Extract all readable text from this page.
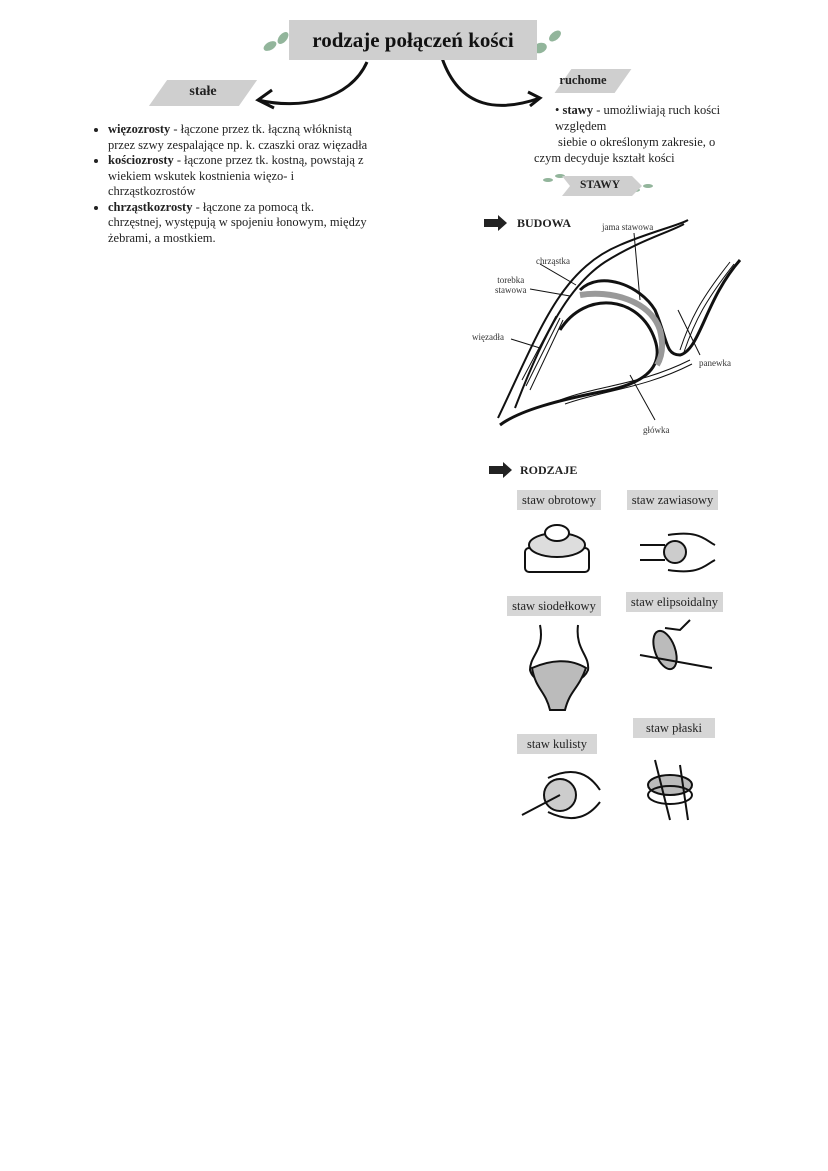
rodzaje połączeń kości
stałe
• więzozrosty - łączone przez tk. łączną włóknistą przez szwy zespalające np. k. czaszki oraz więzadła
• kościozrosty - łączone przez tk. kostną, powstają z wiekiem wskutek kostnienia więzo- i chrząstkozrostów
• chrząstkozrosty - łączone za pomocą tk. chrzęstnej, występują w spojeniu łonowym, między żebrami, a mostkiem.
ruchome
• stawy - umożliwiają ruch kości względem
siebie o określonym zakresie, o
czym decyduje kształt kości
STAWY
BUDOWA	jama stawowa
chrząstka
torebka
stawowa
więzadła
panewka
główka
RODZAJE
staw obrotowy	staw zawiasowy
staw siodełkowy	staw elipsoidalny
staw kulisty
staw płaski
